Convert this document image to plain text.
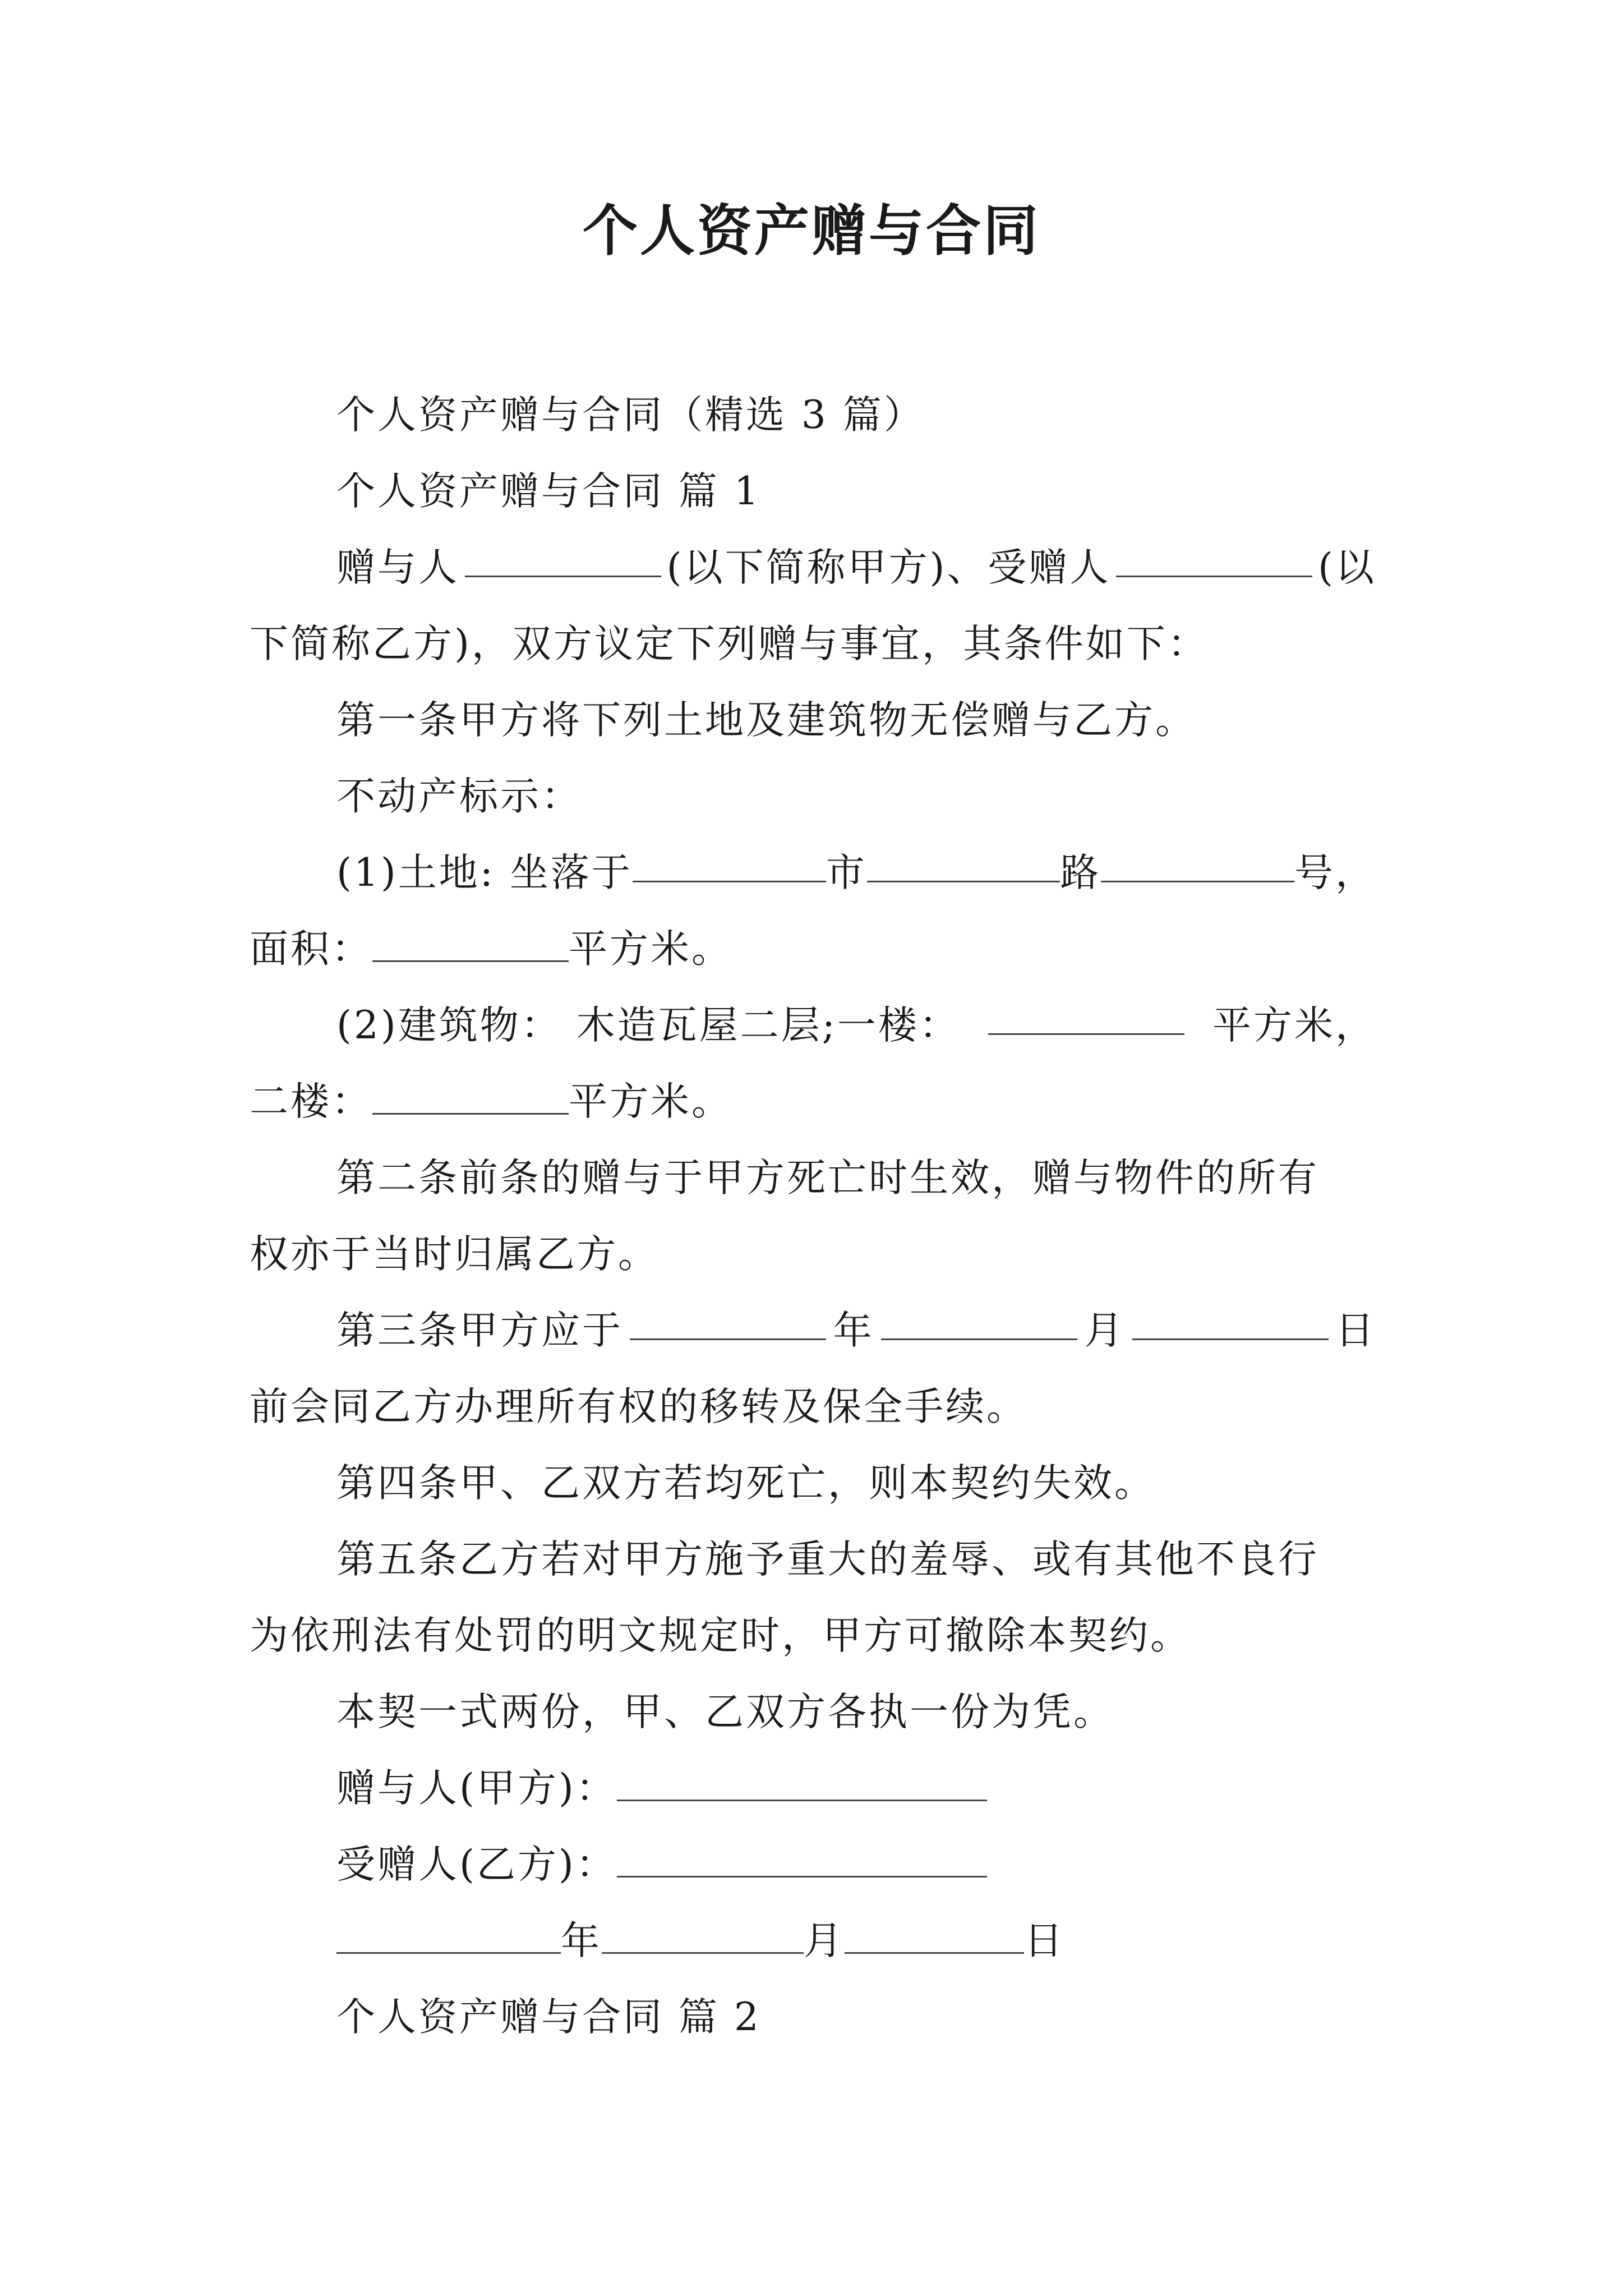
个人资产赠与合同
个人资产赠与合同（精选 3 篇）
个人资产赠与合同 篇 1
赠与人	(以下简称甲方)、受赠人	(以
下简称乙方)，双方议定下列赠与事宜，其条件如下：
第一条甲方将下列土地及建筑物无偿赠与乙方。
不动产标示：
(1)土地: 坐落于	市	路	号，
面积：	平方米。
(2)建筑物： 木造瓦屋二层;一楼：	平方米，
二楼：	平方米。
第二条前条的赠与于甲方死亡时生效，赠与物件的所有
权亦于当时归属乙方。
第三条甲方应于	年	月	日
前会同乙方办理所有权的移转及保全手续。
第四条甲、乙双方若均死亡，则本契约失效。
第五条乙方若对甲方施予重大的羞辱、或有其他不良行
为依刑法有处罚的明文规定时，甲方可撤除本契约。
本契一式两份，甲、乙双方各执一份为凭。
赠与人(甲方)：
受赠人(乙方)：
年	月	日
个人资产赠与合同 篇 2
